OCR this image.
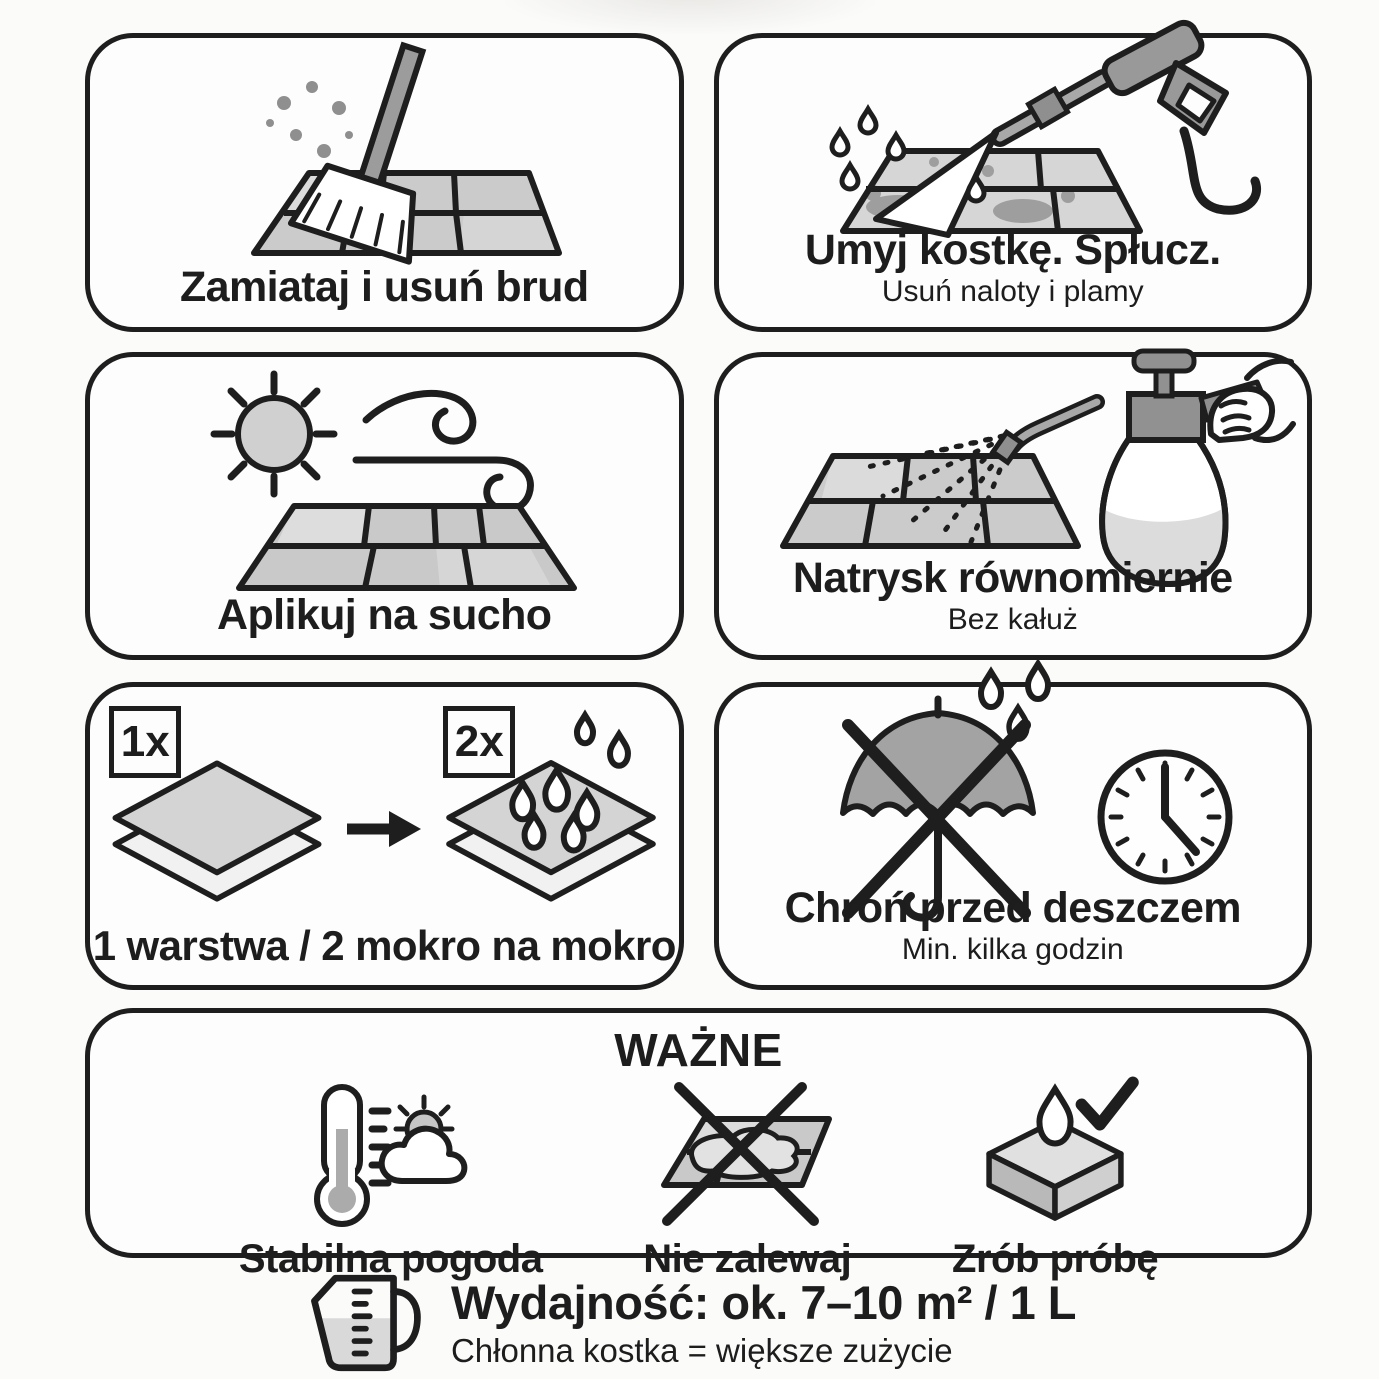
Zamiataj i usuń brud
Umyj kostkę. Spłucz.
Usuń naloty i plamy
Aplikuj na sucho
Natrysk równomiernie
Bez kałuż
1x	2x
1 warstwa / 2 mokro na mokro
Chroń przed deszczem
Min. kilka godzin
WAŻNE
Stabilna pogoda	Nie zalewaj	Zrób próbę
Wydajność: ok. 7–10 m² / 1 L
Chłonna kostka = większe zużycie
